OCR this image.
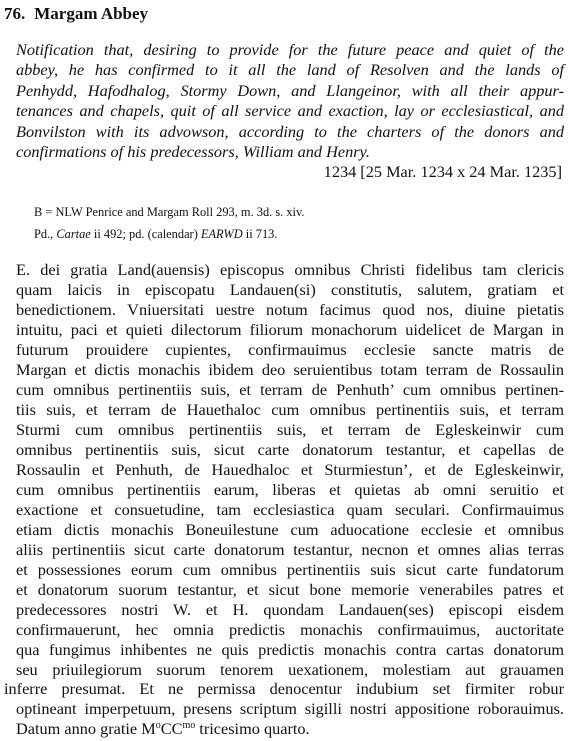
76. Margam Abbey
Notification that, desiring to provide for the future peace and quiet of the
abbey, he has confirmed to it all the land of Resolven and the lands of
Penhydd, Hafodhalog, Stormy Down, and Llangeinor, with all their appur-
tenances and chapels, quit of all service and exaction, lay or ecclesiastical, and
Bonvilston with its advowson, according to the charters of the donors and
confirmations of his predecessors, William and Henry.
1234 [25 Mar. 1234 x 24 Mar. 1235]
B = NLW Penrice and Margam Roll 293, m. 3d. s. xiv.
Pd., Cartae ii 492; pd. (calendar) EARWD ii 713.
E. dei gratia Land(auensis) episcopus omnibus Christi fidelibus tam clericis
quam laicis in episcopatu Landauen(si) constitutis, salutem, gratiam et
benedictionem. Vniuersitati uestre notum facimus quod nos, diuine pietatis
intuitu, paci et quieti dilectorum filiorum monachorum uidelicet de Margan in
futurum prouidere cupientes, confirmauimus ecclesie sancte matris de
Margan et dictis monachis ibidem deo seruientibus totam terram de Rossaulin
cum omnibus pertinentiis suis, et terram de Penhuth’ cum omnibus pertinen-
tiis suis, et terram de Hauethaloc cum omnibus pertinentiis suis, et terram
Sturmi cum omnibus pertinentiis suis, et terram de Egleskeinwir cum
omnibus pertinentiis suis, sicut carte donatorum testantur, et capellas de
Rossaulin et Penhuth, de Hauedhaloc et Sturmiestun’, et de Egleskeinwir,
cum omnibus pertinentiis earum, liberas et quietas ab omni seruitio et
exactione et consuetudine, tam ecclesiastica quam seculari. Confirmauimus
etiam dictis monachis Boneuilestune cum aduocatione ecclesie et omnibus
aliis pertinentiis sicut carte donatorum testantur, necnon et omnes alias terras
et possessiones eorum cum omnibus pertinentiis suis sicut carte fundatorum
et donatorum suorum testantur, et sicut bone memorie venerabiles patres et
predecessores nostri W. et H. quondam Landauen(ses) episcopi eisdem
confirmauerunt, hec omnia predictis monachis confirmauimus, auctoritate
qua fungimus inhibentes ne quis predictis monachis contra cartas donatorum
seu priuilegiorum suorum tenorem uexationem, molestiam aut grauamen
inferre presumat. Et ne permissa denocentur indubium set firmiter robur
optineant imperpetuum, presens scriptum sigilli nostri appositione roborauimus.
Datum anno gratie $M^oCC^{mo}$ tricesimo quarto.
